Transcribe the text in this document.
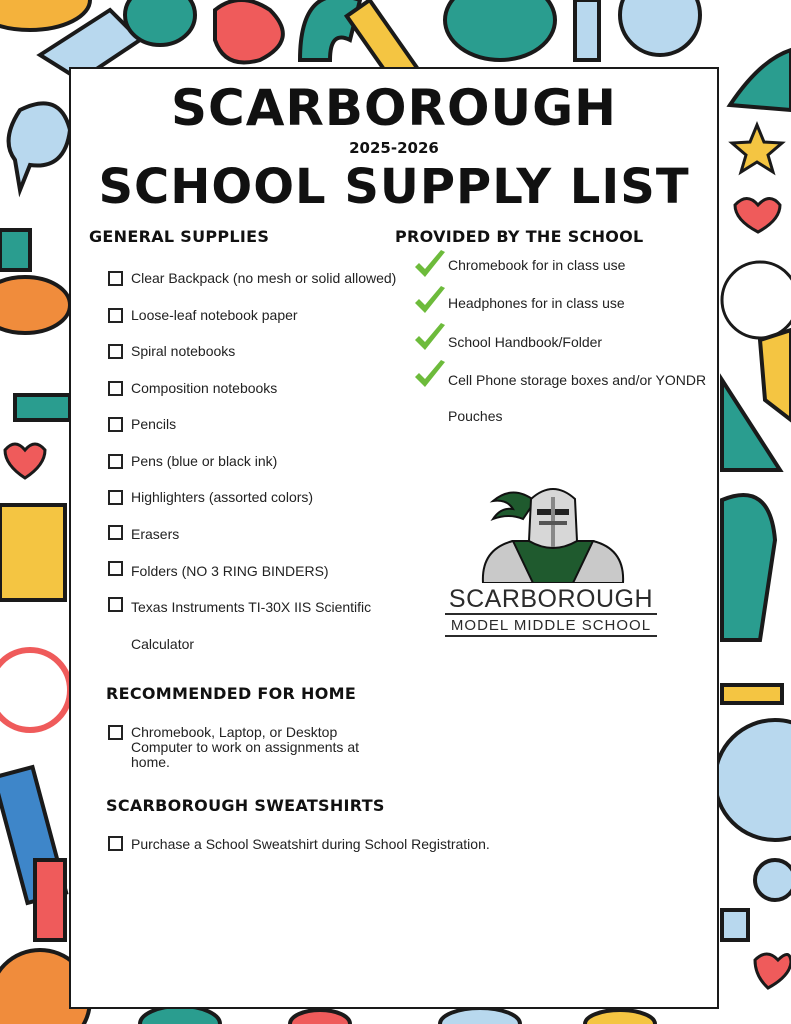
SCARBOROUGH
2025-2026
SCHOOL SUPPLY LIST
GENERAL SUPPLIES
Clear Backpack (no mesh or solid allowed)
Loose-leaf notebook paper
Spiral notebooks
Composition notebooks
Pencils
Pens (blue or black ink)
Highlighters (assorted colors)
Erasers
Folders (NO 3 RING BINDERS)
Texas Instruments TI-30X IIS Scientific
Calculator
PROVIDED BY THE SCHOOL
Chromebook for in class use
Headphones for in class use
School Handbook/Folder
Cell Phone storage boxes and/or YONDR
Pouches
SCARBOROUGH
MODEL MIDDLE SCHOOL
RECOMMENDED FOR HOME
Chromebook, Laptop, or Desktop
Computer to work on assignments at
home.
SCARBOROUGH SWEATSHIRTS
Purchase a School Sweatshirt during School Registration.
